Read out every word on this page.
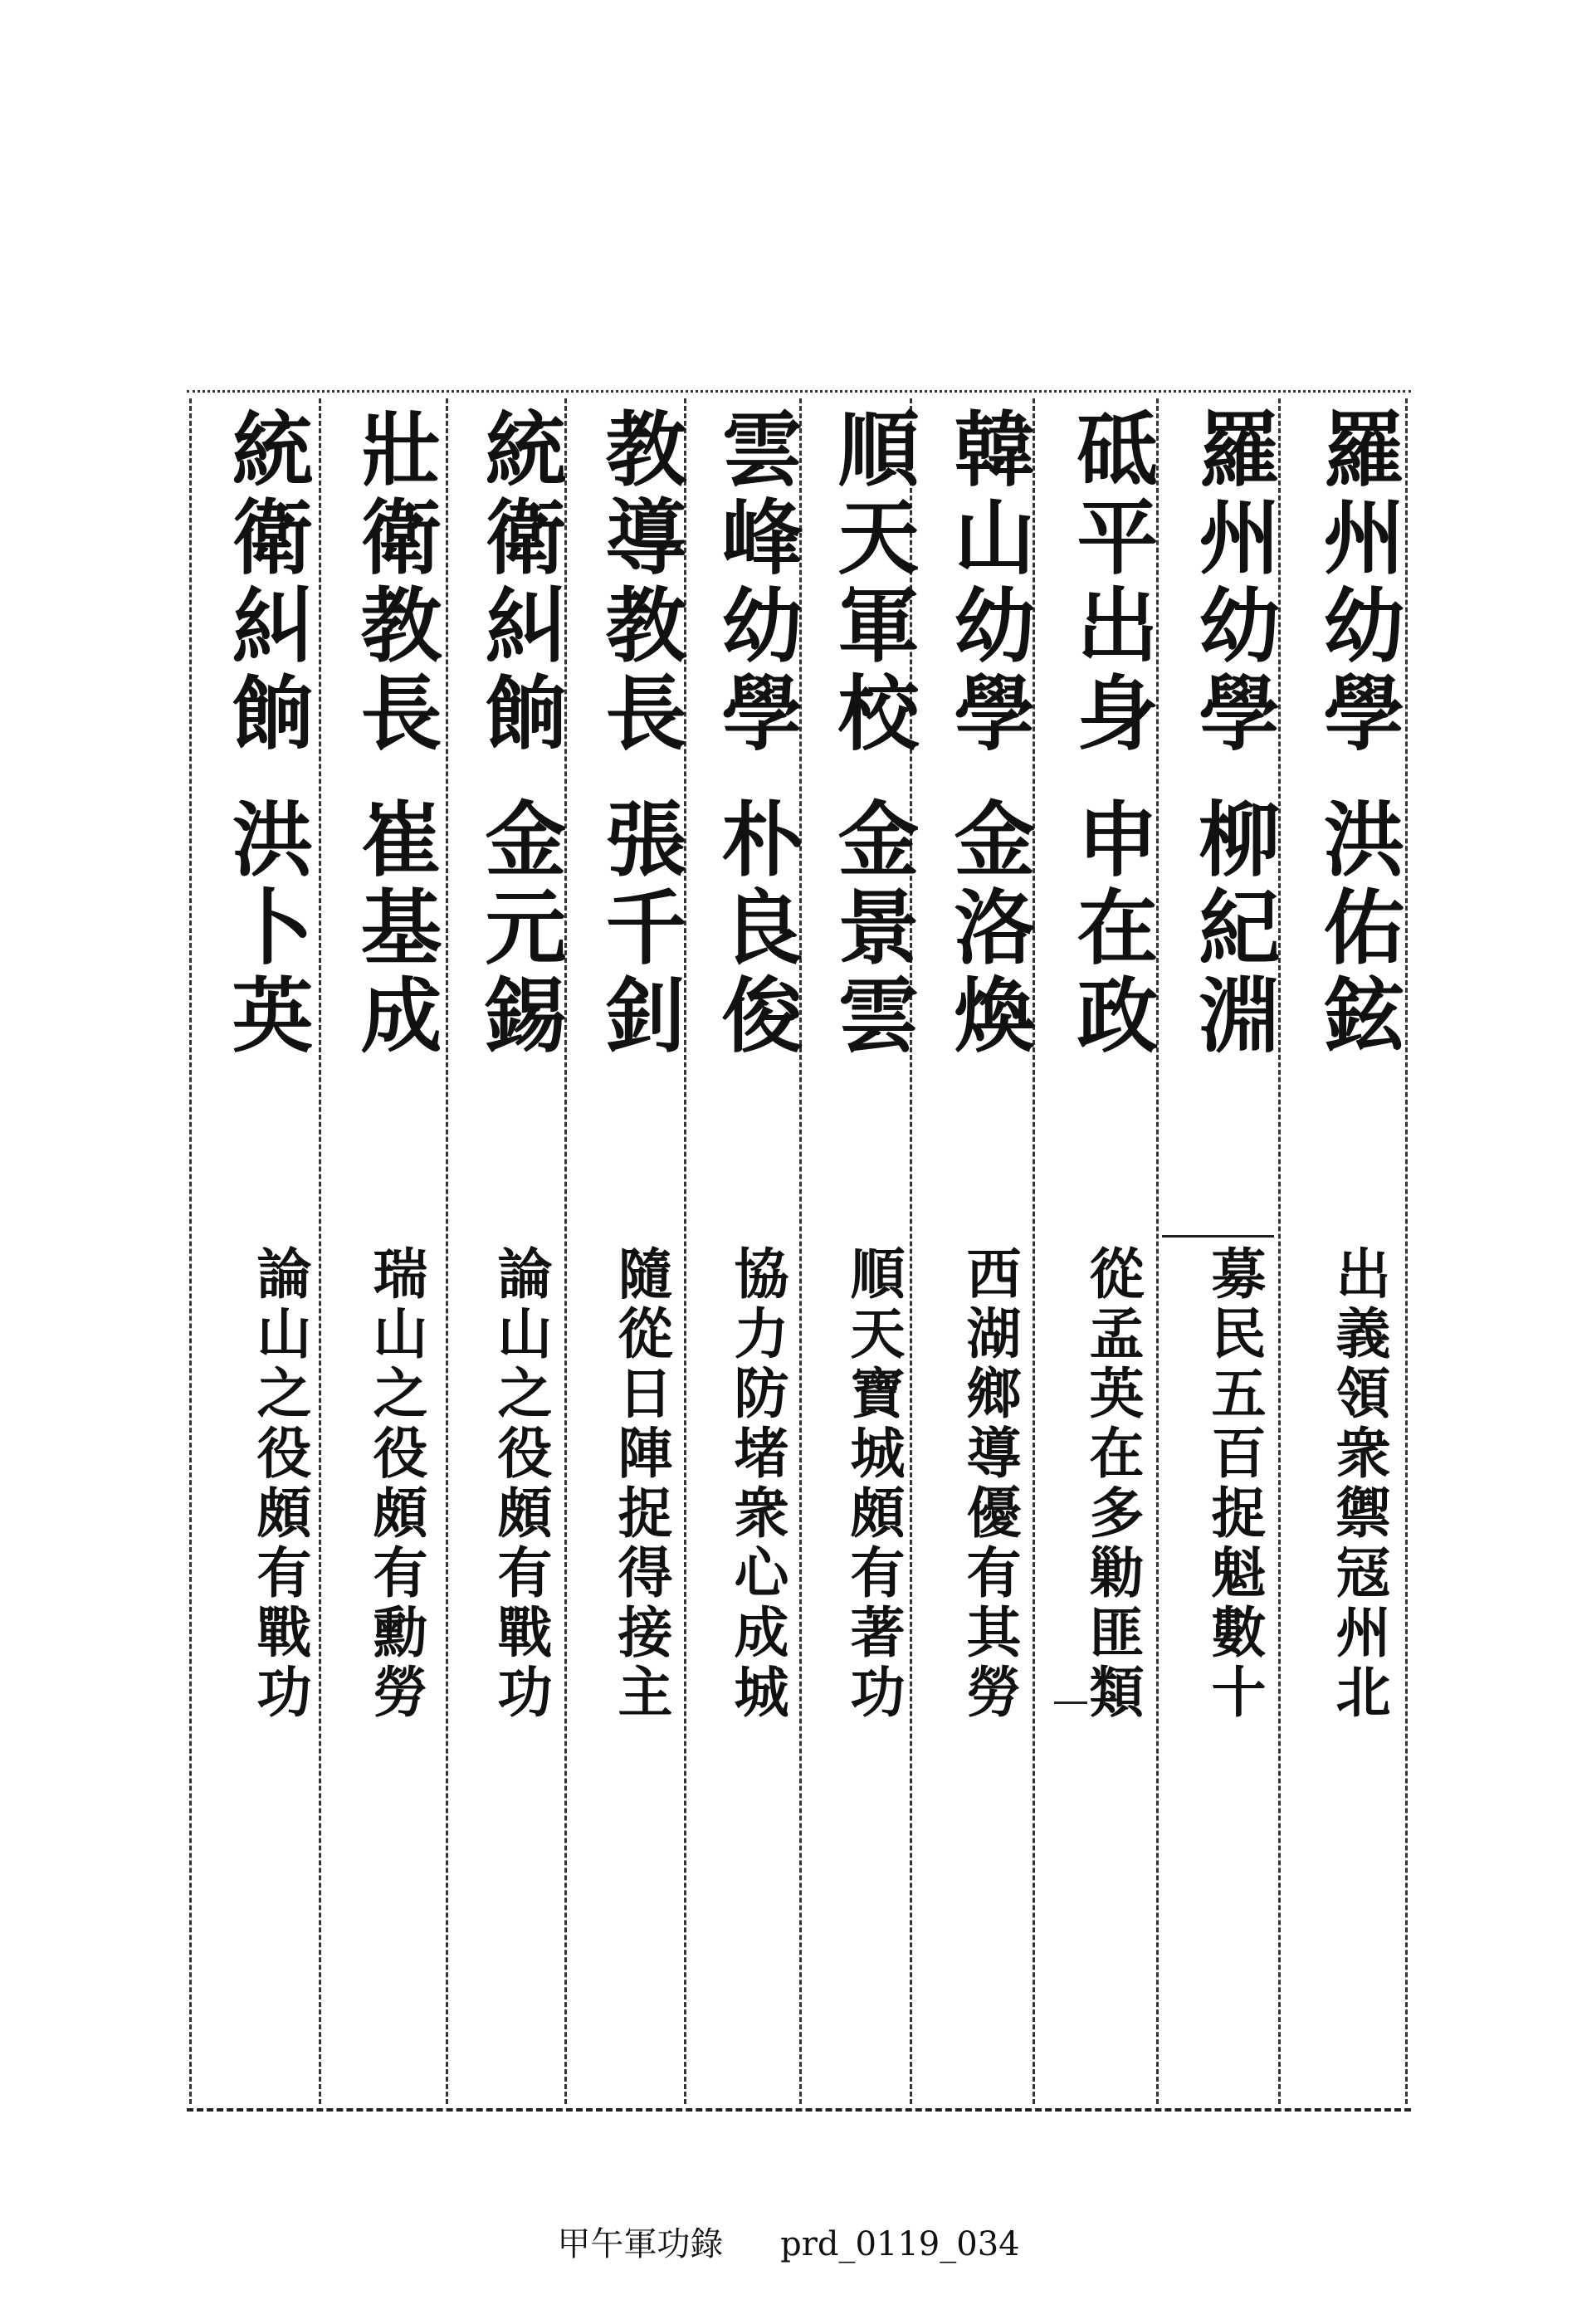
羅州幼學
洪佑鉉
出義領衆禦冦州北
羅州幼學
柳紀淵
募民五百捉魁數十
砥平出身
申在政
從孟英在多勦匪類
韓山幼學
金洛煥
西湖鄉導優有其勞
順天軍校
金景雲
順天寶城頗有著功
雲峰幼學
朴良俊
協力防堵衆心成城
教導教長
張千釗
隨從日陣捉得接主
統衛糾餉
金元錫
論山之役頗有戰功
壯衛教長
崔基成
瑞山之役頗有勳勞
統衛糾餉
洪卜英
論山之役頗有戰功
甲午軍功錄 prd_0119_034
